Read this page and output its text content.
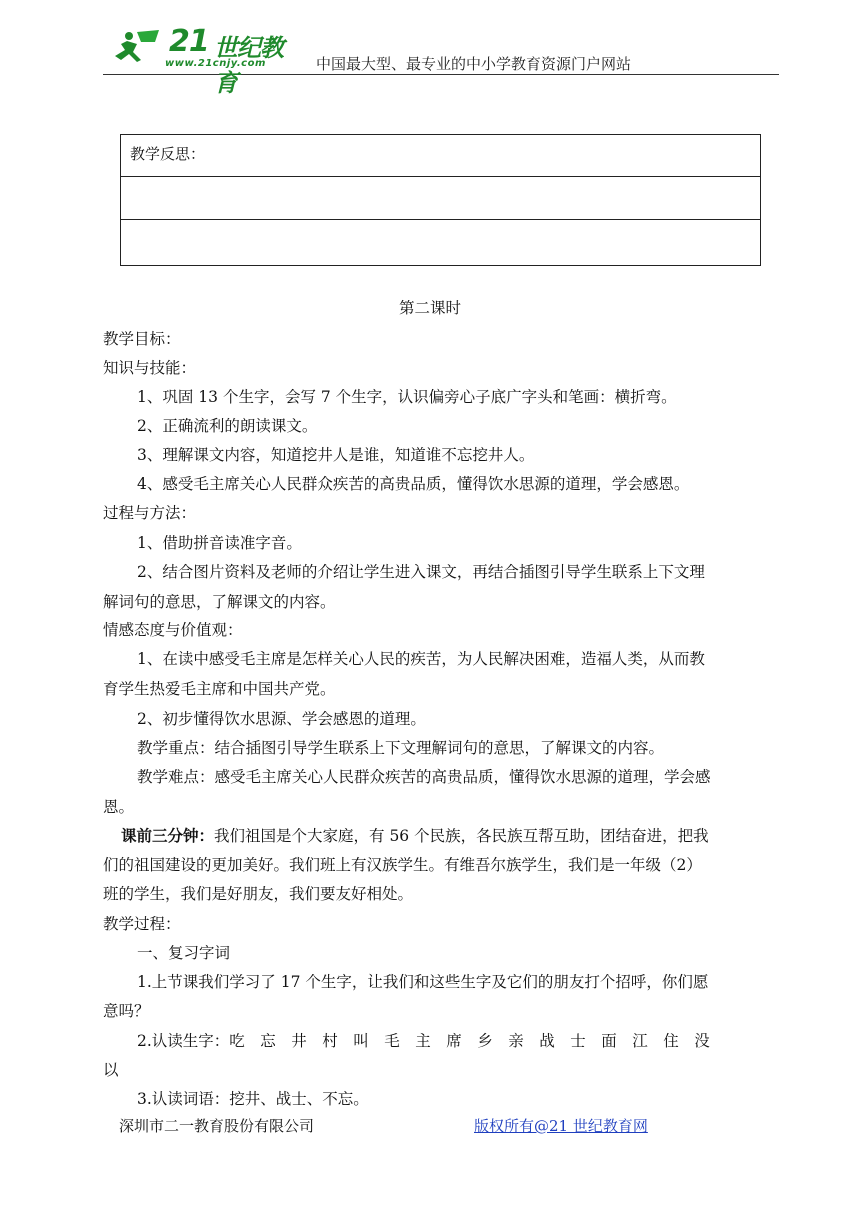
21 世纪教育
www.21cnjy.com	中国最大型、最专业的中小学教育资源门户网站
教学反思：

第二课时
教学目标：
知识与技能：
1、巩固 13 个生字，会写 7 个生字，认识偏旁心子底广字头和笔画：横折弯。
2、正确流利的朗读课文。
3、理解课文内容，知道挖井人是谁，知道谁不忘挖井人。
4、感受毛主席关心人民群众疾苦的高贵品质，懂得饮水思源的道理，学会感恩。
过程与方法：
1、借助拼音读准字音。
2、结合图片资料及老师的介绍让学生进入课文，再结合插图引导学生联系上下文理
解词句的意思，了解课文的内容。
情感态度与价值观：
1、在读中感受毛主席是怎样关心人民的疾苦，为人民解决困难，造福人类，从而教
育学生热爱毛主席和中国共产党。
2、初步懂得饮水思源、学会感恩的道理。
教学重点：结合插图引导学生联系上下文理解词句的意思，了解课文的内容。
教学难点：感受毛主席关心人民群众疾苦的高贵品质，懂得饮水思源的道理，学会感
恩。
课前三分钟：我们祖国是个大家庭，有 56 个民族，各民族互帮互助，团结奋进，把我
们的祖国建设的更加美好。我们班上有汉族学生。有维吾尔族学生，我们是一年级（2）
班的学生，我们是好朋友，我们要友好相处。
教学过程：
一、复习字词
1.上节课我们学习了 17 个生字，让我们和这些生字及它们的朋友打个招呼，你们愿
意吗？
2.认读生字：吃　忘　井　村　叫　毛　主　席　乡　亲　战　士　面　江　住　没
以
3.认读词语：挖井、战士、不忘。
深圳市二一教育股份有限公司	版权所有@21 世纪教育网
